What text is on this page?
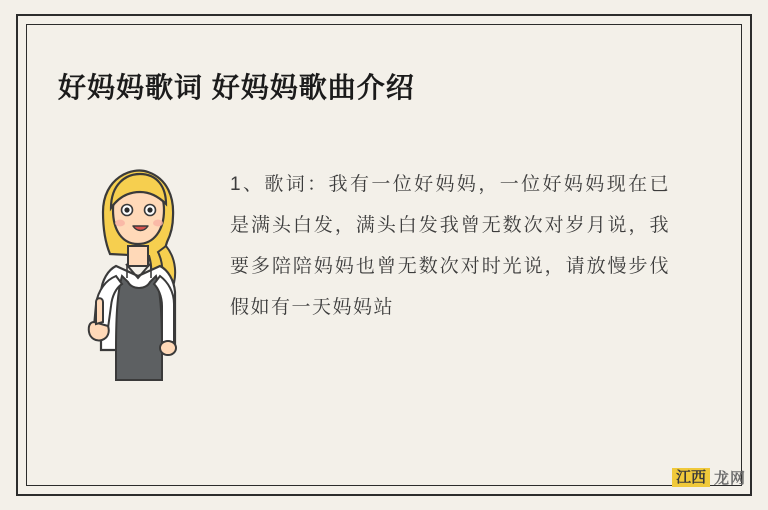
好妈妈歌词 好妈妈歌曲介绍
1、歌词：我有一位好妈妈，一位好妈妈现在已是满头白发，满头白发我曾无数次对岁月说，我要多陪陪妈妈也曾无数次对时光说，请放慢步伐假如有一天妈妈站
江西 龙网
